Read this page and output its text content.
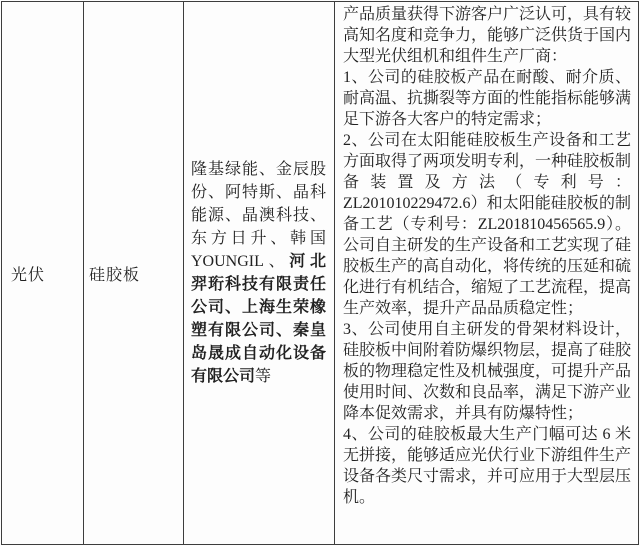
光伏	硅胶板
隆基绿能、金辰股份、阿特斯、晶科能源、晶澳科技、东方日升、韩国YOUNGIL、河北羿珩科技有限责任公司、上海生荣橡塑有限公司、秦皇岛晟成自动化设备有限公司等

产品质量获得下游客户广泛认可，具有较高知名度和竞争力，能够广泛供货于国内大型光伏组机和组件生产厂商：

1、公司的硅胶板产品在耐酸、耐介质、耐高温、抗撕裂等方面的性能指标能够满足下游各大客户的特定需求；

2、公司在太阳能硅胶板生产设备和工艺方面取得了两项发明专利，一种硅胶板制备装置及方法（专利号：ZL201010229472.6）和太阳能硅胶板的制备工艺（专利号：ZL201810456565.9）。公司自主研发的生产设备和工艺实现了硅胶板生产的高自动化，将传统的压延和硫化进行有机结合，缩短了工艺流程，提高生产效率，提升产品品质稳定性；

3、公司使用自主研发的骨架材料设计，硅胶板中间附着防爆织物层，提高了硅胶板的物理稳定性及机械强度，可提升产品使用时间、次数和良品率，满足下游产业降本促效需求，并具有防爆特性；

4、公司的硅胶板最大生产门幅可达 6 米无拼接，能够适应光伏行业下游组件生产设备各类尺寸需求，并可应用于大型层压机。
